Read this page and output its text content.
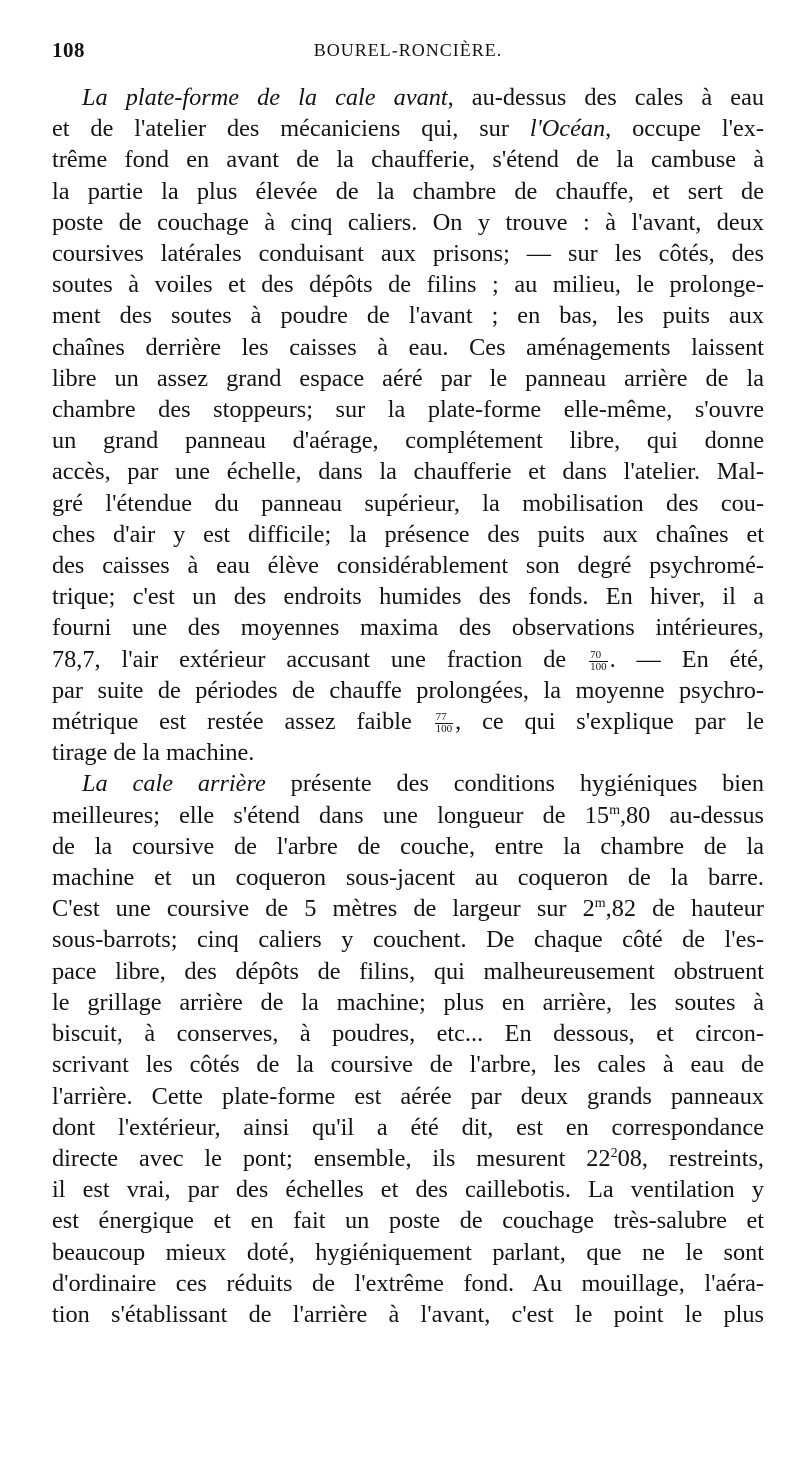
108	BOUREL-RONCIÈRE.
La plate-forme de la cale avant, au-dessus des cales à eau
et de l'atelier des mécaniciens qui, sur l'Océan, occupe l'ex-
trême fond en avant de la chaufferie, s'étend de la cambuse à
la partie la plus élevée de la chambre de chauffe, et sert de
poste de couchage à cinq caliers. On y trouve : à l'avant, deux
coursives latérales conduisant aux prisons; — sur les côtés, des
soutes à voiles et des dépôts de filins ; au milieu, le prolonge-
ment des soutes à poudre de l'avant ; en bas, les puits aux
chaînes derrière les caisses à eau. Ces aménagements laissent
libre un assez grand espace aéré par le panneau arrière de la
chambre des stoppeurs; sur la plate-forme elle-même, s'ouvre
un grand panneau d'aérage, complétement libre, qui donne
accès, par une échelle, dans la chaufferie et dans l'atelier. Mal-
gré l'étendue du panneau supérieur, la mobilisation des cou-
ches d'air y est difficile; la présence des puits aux chaînes et
des caisses à eau élève considérablement son degré psychromé-
trique; c'est un des endroits humides des fonds. En hiver, il a
fourni une des moyennes maxima des observations intérieures,
78,7, l'air extérieur accusant une fraction de $\frac{70}{100}$ . — En été,
par suite de périodes de chauffe prolongées, la moyenne psychro-
métrique est restée assez faible $\frac{77}{100}$ , ce qui s'explique par le
tirage de la machine.
La cale arrière présente des conditions hygiéniques bien
meilleures; elle s'étend dans une longueur de 15$^m$,80 au-dessus
de la coursive de l'arbre de couche, entre la chambre de la
machine et un coqueron sous-jacent au coqueron de la barre.
C'est une coursive de 5 mètres de largeur sur 2$^m$,82 de hauteur
sous-barrots; cinq caliers y couchent. De chaque côté de l'es-
pace libre, des dépôts de filins, qui malheureusement obstruent
le grillage arrière de la machine; plus en arrière, les soutes à
biscuit, à conserves, à poudres, etc... En dessous, et circon-
scrivant les côtés de la coursive de l'arbre, les cales à eau de
l'arrière. Cette plate-forme est aérée par deux grands panneaux
dont l'extérieur, ainsi qu'il a été dit, est en correspondance
directe avec le pont; ensemble, ils mesurent $22^208$, restreints,
il est vrai, par des échelles et des caillebotis. La ventilation y
est énergique et en fait un poste de couchage très-salubre et
beaucoup mieux doté, hygiéniquement parlant, que ne le sont
d'ordinaire ces réduits de l'extrême fond. Au mouillage, l'aéra-
tion s'établissant de l'arrière à l'avant, c'est le point le plus
